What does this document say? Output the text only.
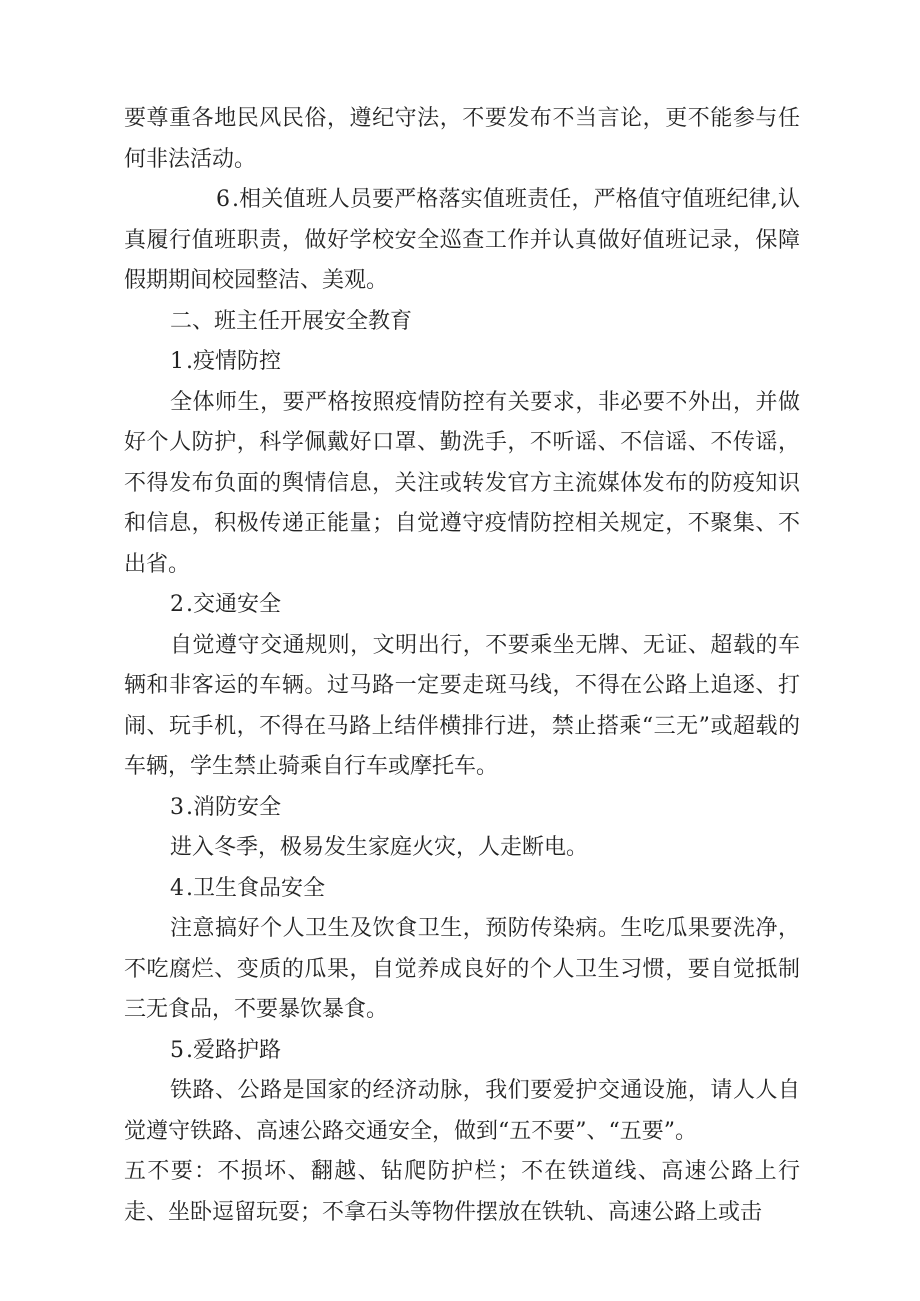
要尊重各地民风民俗，遵纪守法，不要发布不当言论，更不能参与任何非法活动。

6.相关值班人员要严格落实值班责任，严格值守值班纪律,认真履行值班职责，做好学校安全巡查工作并认真做好值班记录，保障假期期间校园整洁、美观。

二、班主任开展安全教育

1.疫情防控

全体师生，要严格按照疫情防控有关要求，非必要不外出，并做好个人防护，科学佩戴好口罩、勤洗手，不听谣、不信谣、不传谣，不得发布负面的舆情信息，关注或转发官方主流媒体发布的防疫知识和信息，积极传递正能量；自觉遵守疫情防控相关规定，不聚集、不出省。

2.交通安全

自觉遵守交通规则，文明出行，不要乘坐无牌、无证、超载的车辆和非客运的车辆。过马路一定要走斑马线，不得在公路上追逐、打闹、玩手机，不得在马路上结伴横排行进，禁止搭乘“三无”或超载的车辆，学生禁止骑乘自行车或摩托车。

3.消防安全

进入冬季，极易发生家庭火灾，人走断电。

4.卫生食品安全

注意搞好个人卫生及饮食卫生，预防传染病。生吃瓜果要洗净，不吃腐烂、变质的瓜果，自觉养成良好的个人卫生习惯，要自觉抵制三无食品，不要暴饮暴食。

5.爱路护路

铁路、公路是国家的经济动脉，我们要爱护交通设施，请人人自觉遵守铁路、高速公路交通安全，做到“五不要”、“五要”。

五不要：不损坏、翻越、钻爬防护栏；不在铁道线、高速公路上行走、坐卧逗留玩耍；不拿石头等物件摆放在铁轨、高速公路上或击
